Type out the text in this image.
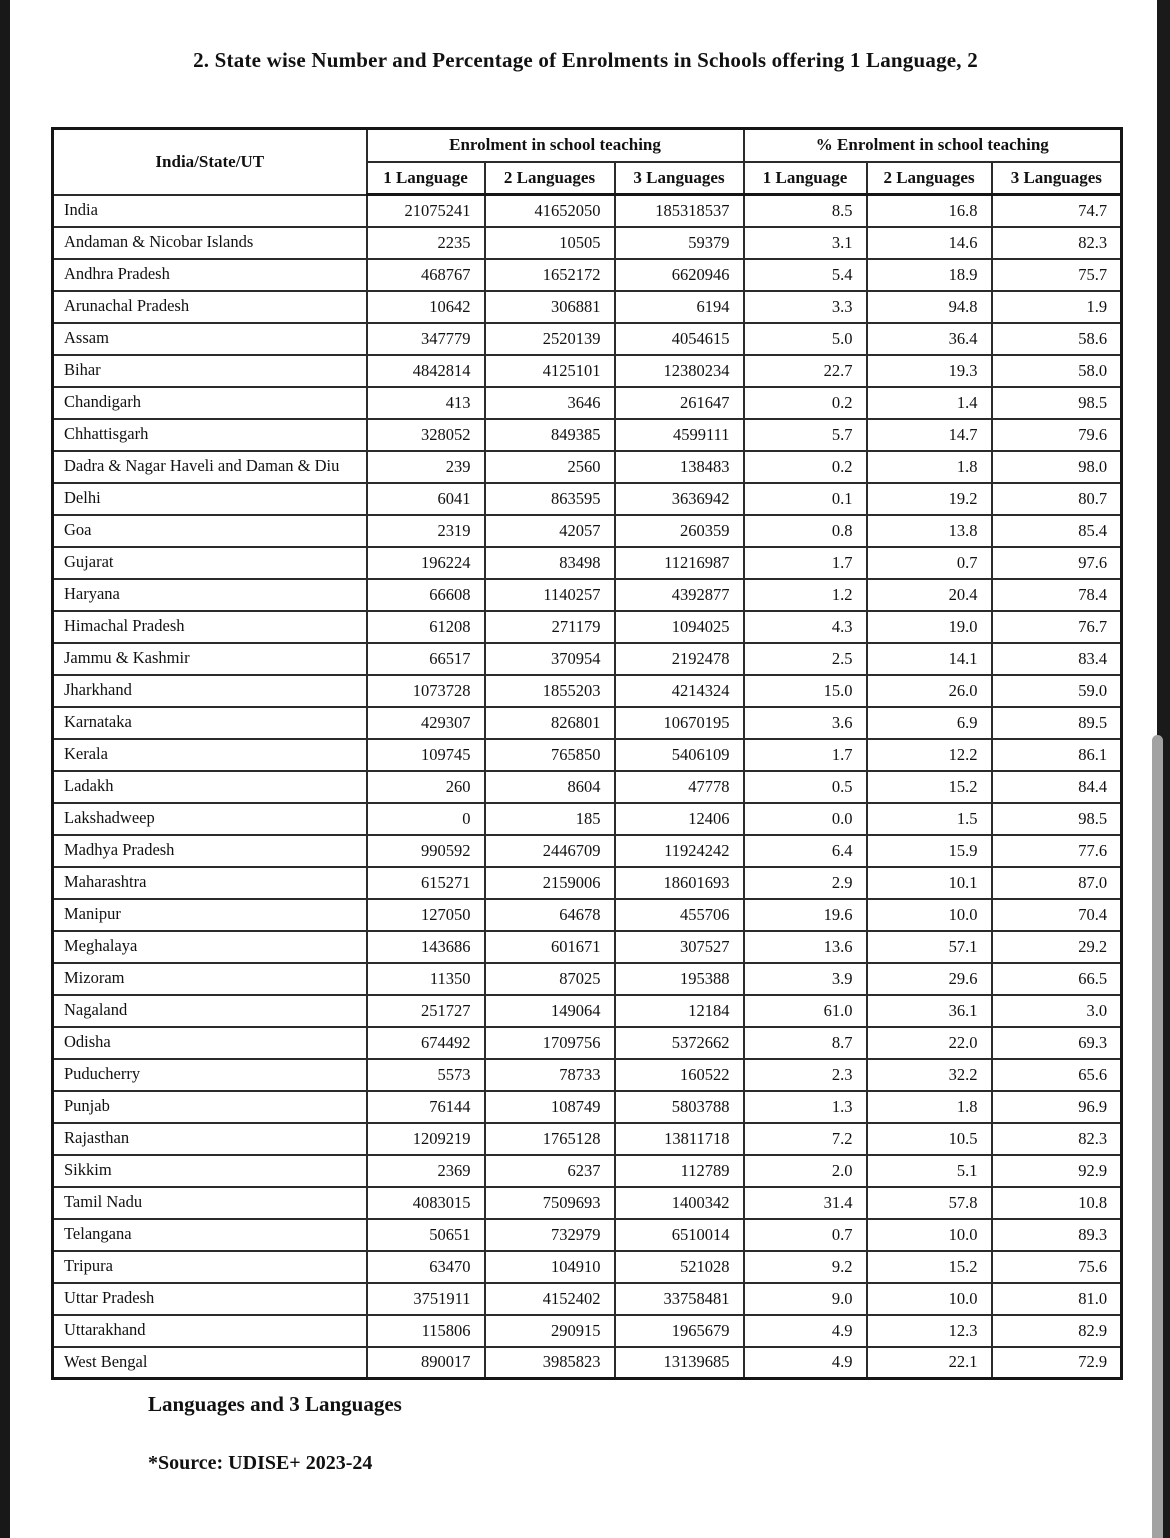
2. State wise Number and Percentage of Enrolments in Schools offering 1 Language, 2
India/State/UT	Enrolment in school teaching			% Enrolment in school teaching		
	1 Language	2 Languages	3 Languages	1 Language	2 Languages	3 Languages
India	21075241	41652050	185318537	8.5	16.8	74.7
Andaman & Nicobar Islands	2235	10505	59379	3.1	14.6	82.3
Andhra Pradesh	468767	1652172	6620946	5.4	18.9	75.7
Arunachal Pradesh	10642	306881	6194	3.3	94.8	1.9
Assam	347779	2520139	4054615	5.0	36.4	58.6
Bihar	4842814	4125101	12380234	22.7	19.3	58.0
Chandigarh	413	3646	261647	0.2	1.4	98.5
Chhattisgarh	328052	849385	4599111	5.7	14.7	79.6
Dadra & Nagar Haveli and Daman & Diu	239	2560	138483	0.2	1.8	98.0
Delhi	6041	863595	3636942	0.1	19.2	80.7
Goa	2319	42057	260359	0.8	13.8	85.4
Gujarat	196224	83498	11216987	1.7	0.7	97.6
Haryana	66608	1140257	4392877	1.2	20.4	78.4
Himachal Pradesh	61208	271179	1094025	4.3	19.0	76.7
Jammu & Kashmir	66517	370954	2192478	2.5	14.1	83.4
Jharkhand	1073728	1855203	4214324	15.0	26.0	59.0
Karnataka	429307	826801	10670195	3.6	6.9	89.5
Kerala	109745	765850	5406109	1.7	12.2	86.1
Ladakh	260	8604	47778	0.5	15.2	84.4
Lakshadweep	0	185	12406	0.0	1.5	98.5
Madhya Pradesh	990592	2446709	11924242	6.4	15.9	77.6
Maharashtra	615271	2159006	18601693	2.9	10.1	87.0
Manipur	127050	64678	455706	19.6	10.0	70.4
Meghalaya	143686	601671	307527	13.6	57.1	29.2
Mizoram	11350	87025	195388	3.9	29.6	66.5
Nagaland	251727	149064	12184	61.0	36.1	3.0
Odisha	674492	1709756	5372662	8.7	22.0	69.3
Puducherry	5573	78733	160522	2.3	32.2	65.6
Punjab	76144	108749	5803788	1.3	1.8	96.9
Rajasthan	1209219	1765128	13811718	7.2	10.5	82.3
Sikkim	2369	6237	112789	2.0	5.1	92.9
Tamil Nadu	4083015	7509693	1400342	31.4	57.8	10.8
Telangana	50651	732979	6510014	0.7	10.0	89.3
Tripura	63470	104910	521028	9.2	15.2	75.6
Uttar Pradesh	3751911	4152402	33758481	9.0	10.0	81.0
Uttarakhand	115806	290915	1965679	4.9	12.3	82.9
West Bengal	890017	3985823	13139685	4.9	22.1	72.9
Languages and 3 Languages
*Source: UDISE+ 2023-24
